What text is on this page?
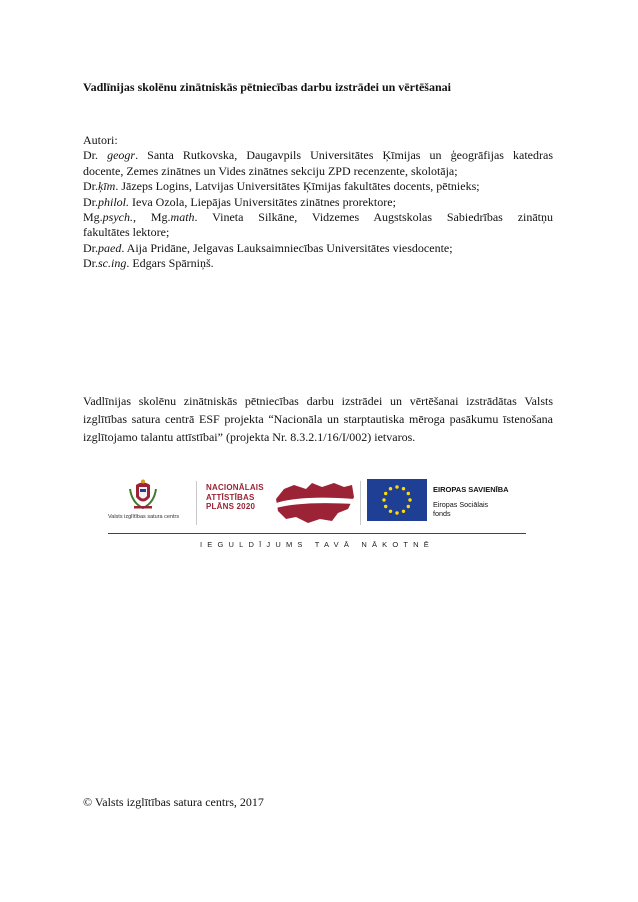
Vadlīnijas skolēnu zinātniskās pētniecības darbu izstrādei un vērtēšanai
Autori:
Dr. geogr. Santa Rutkovska, Daugavpils Universitātes Ķīmijas un ģeogrāfijas katedras
docente, Zemes zinātnes un Vides zinātnes sekciju ZPD recenzente, skolotāja;
Dr.ķīm. Jāzeps Logins, Latvijas Universitātes Ķīmijas fakultātes docents, pētnieks;
Dr.philol. Ieva Ozola, Liepājas Universitātes zinātnes prorektore;
Mg.psych., Mg.math. Vineta Silkāne, Vidzemes Augstskolas Sabiedrības zinātņu
fakultātes lektore;
Dr.paed. Aija Pridāne, Jelgavas Lauksaimniecības Universitātes viesdocente;
Dr.sc.ing. Edgars Spārniņš.
Vadlīnijas skolēnu zinātniskās pētniecības darbu izstrādei un vērtēšanai izstrādātas Valsts izglītības satura centrā ESF projekta “Nacionāla un starptautiska mēroga pasākumu īstenošana izglītojamo talantu attīstībai” (projekta Nr. 8.3.2.1/16/I/002) ietvaros.
Valsts izglītības satura centrs
NACIONĀLAIS
ATTĪSTĪBAS
PLĀNS 2020
EIROPAS SAVIENĪBA
Eiropas Sociālais
fonds
IEGULDĪJUMS TAVĀ NĀKOTNĒ
© Valsts izglītības satura centrs, 2017
